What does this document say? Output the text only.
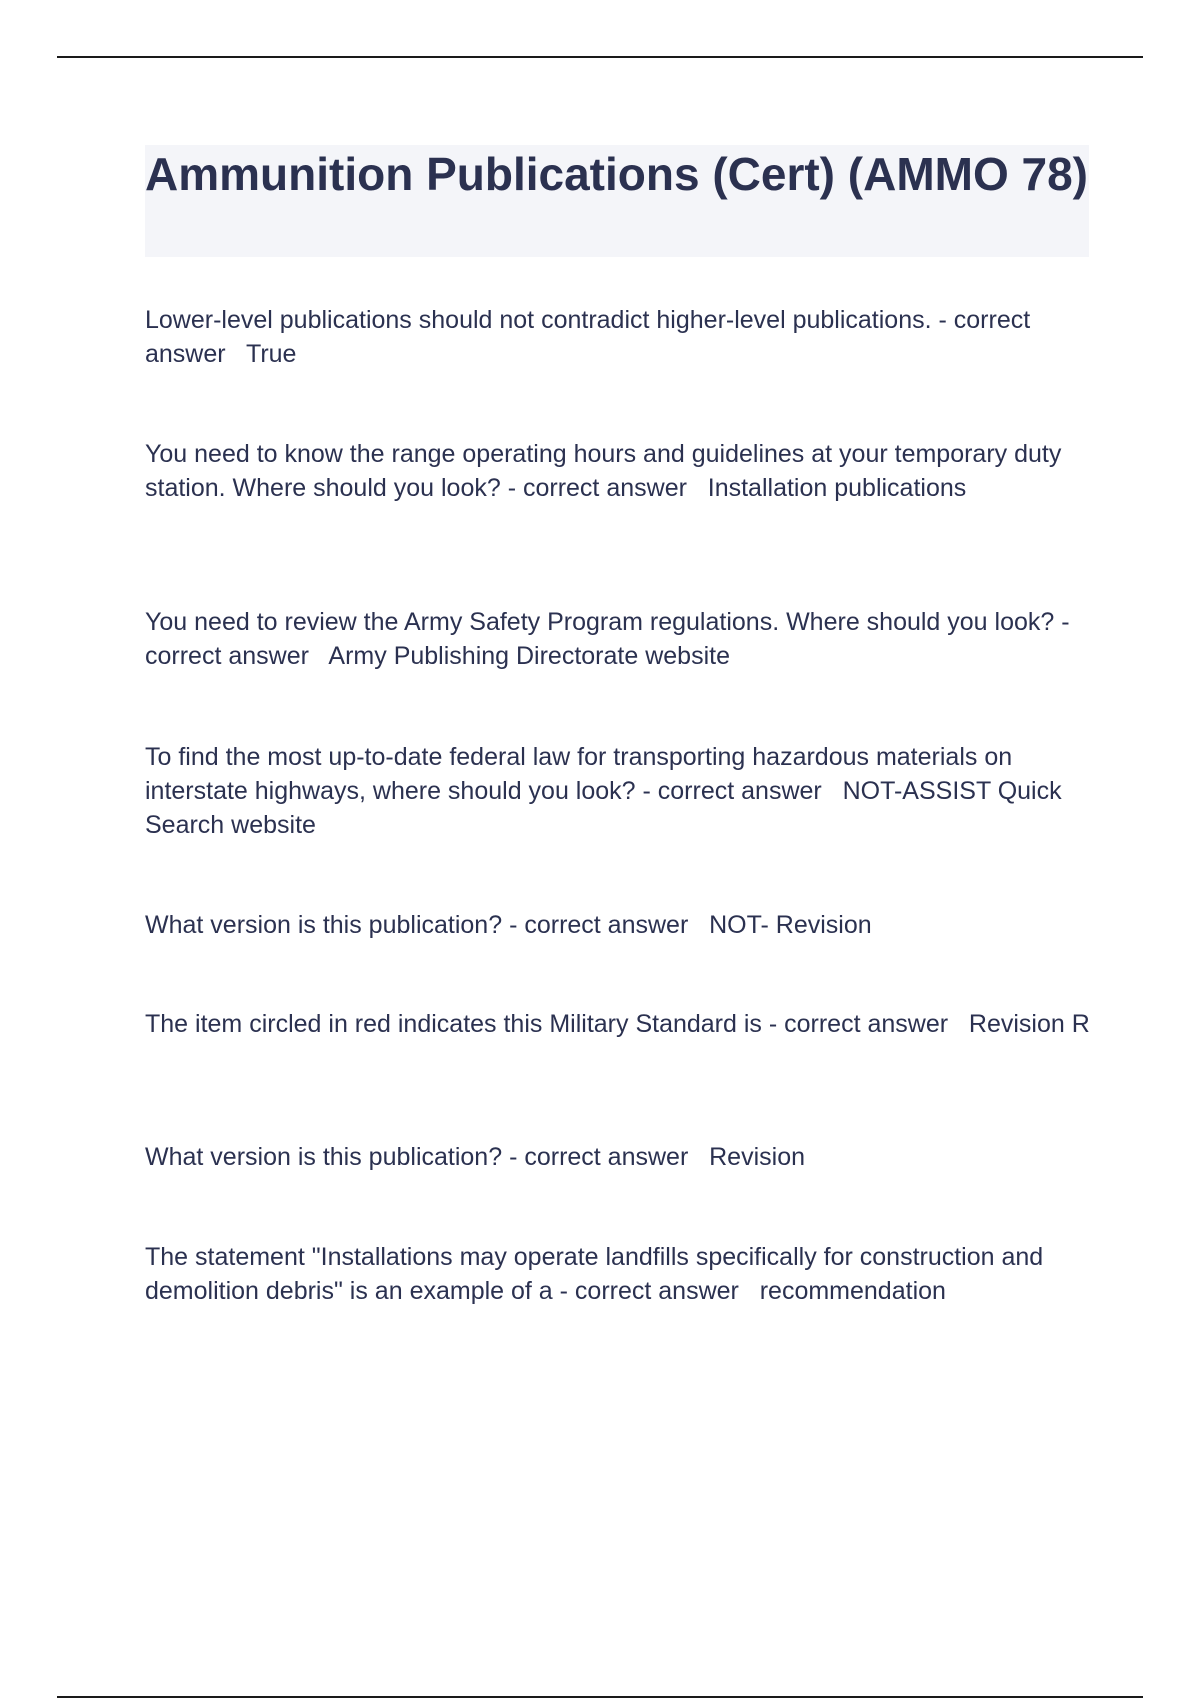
Ammunition Publications (Cert) (AMMO 78)

Lower-level publications should not contradict higher-level publications. - correct answer True

You need to know the range operating hours and guidelines at your temporary duty station. Where should you look? - correct answer Installation publications

You need to review the Army Safety Program regulations. Where should you look? - correct answer Army Publishing Directorate website

To find the most up-to-date federal law for transporting hazardous materials on interstate highways, where should you look? - correct answer NOT-ASSIST Quick Search website

What version is this publication? - correct answer NOT- Revision

The item circled in red indicates this Military Standard is - correct answer Revision R

What version is this publication? - correct answer Revision

The statement "Installations may operate landfills specifically for construction and demolition debris" is an example of a - correct answer recommendation
